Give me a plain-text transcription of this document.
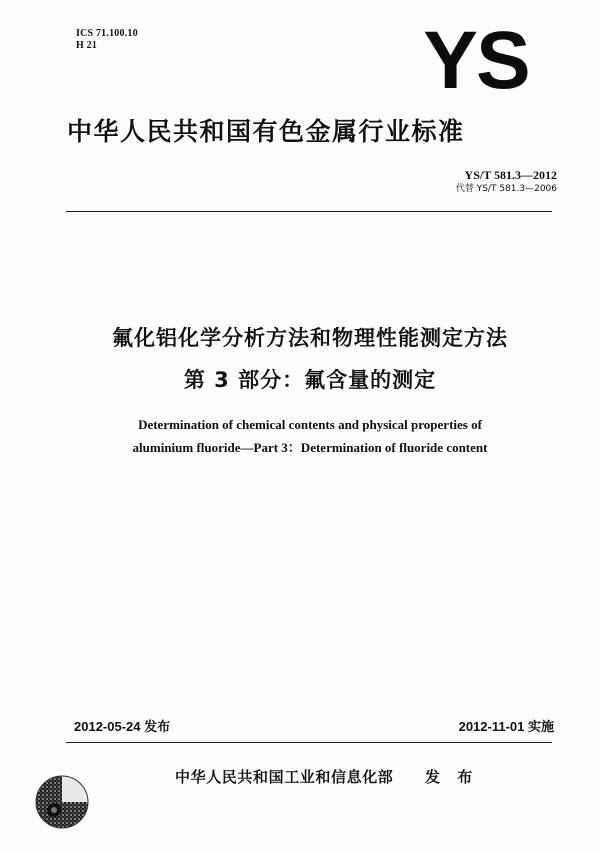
ICS 71.100.10
H 21	YS
中华人民共和国有色金属行业标准
YS/T 581.3—2012
代替 YS/T 581.3—2006
氟化铝化学分析方法和物理性能测定方法
第 3 部分：氟含量的测定
Determination of chemical contents and physical properties of
aluminium fluoride—Part 3：Determination of fluoride content
2012-05-24 发布	2012-11-01 实施
中华人民共和国工业和信息化部 发 布
